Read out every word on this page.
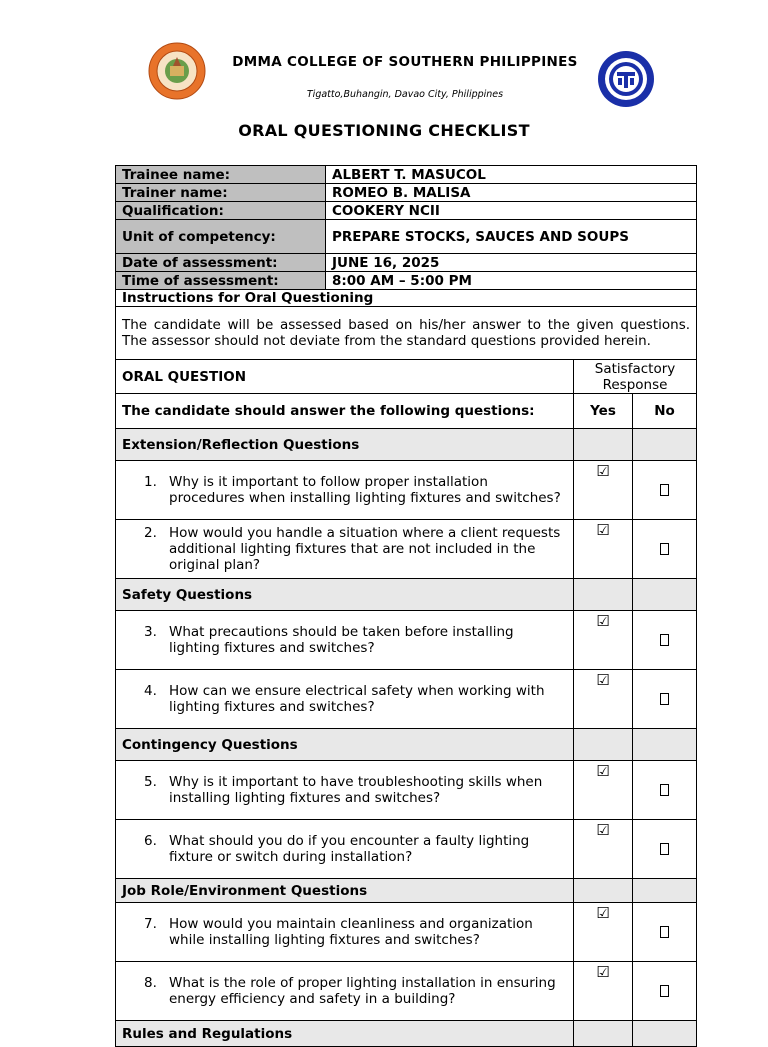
DMMA COLLEGE OF SOUTHERN PHILIPPINES
Tigatto,Buhangin, Davao City, Philippines
ORAL QUESTIONING CHECKLIST
Trainee name:	ALBERT T. MASUCOL		
Trainer name:	ROMEO B. MALISA		
Qualification:	COOKERY NCII		
Unit of competency:	PREPARE STOCKS, SAUCES AND SOUPS		
Date of assessment:	JUNE 16, 2025		
Time of assessment:	8:00 AM – 5:00 PM		
Instructions for Oral Questioning			
The candidate will be assessed based on his/her answer to the given questions. The assessor should not deviate from the standard questions provided herein.			
ORAL QUESTION		Satisfactory Response	
The candidate should answer the following questions:		Yes	No
Extension/Reflection Questions			

1. Why is it important to follow proper installation procedures when installing lighting fixtures and switches?		☑	

2. How would you handle a situation where a client requests additional lighting fixtures that are not included in the original plan?		☑	
Safety Questions			

3. What precautions should be taken before installing lighting fixtures and switches?		☑	

4. How can we ensure electrical safety when working with lighting fixtures and switches?		☑	
Contingency Questions			

5. Why is it important to have troubleshooting skills when installing lighting fixtures and switches?		☑	

6. What should you do if you encounter a faulty lighting fixture or switch during installation?		☑	
Job Role/Environment Questions			

7. How would you maintain cleanliness and organization while installing lighting fixtures and switches?		☑	

8. What is the role of proper lighting installation in ensuring energy efficiency and safety in a building?		☑	
Rules and Regulations			
